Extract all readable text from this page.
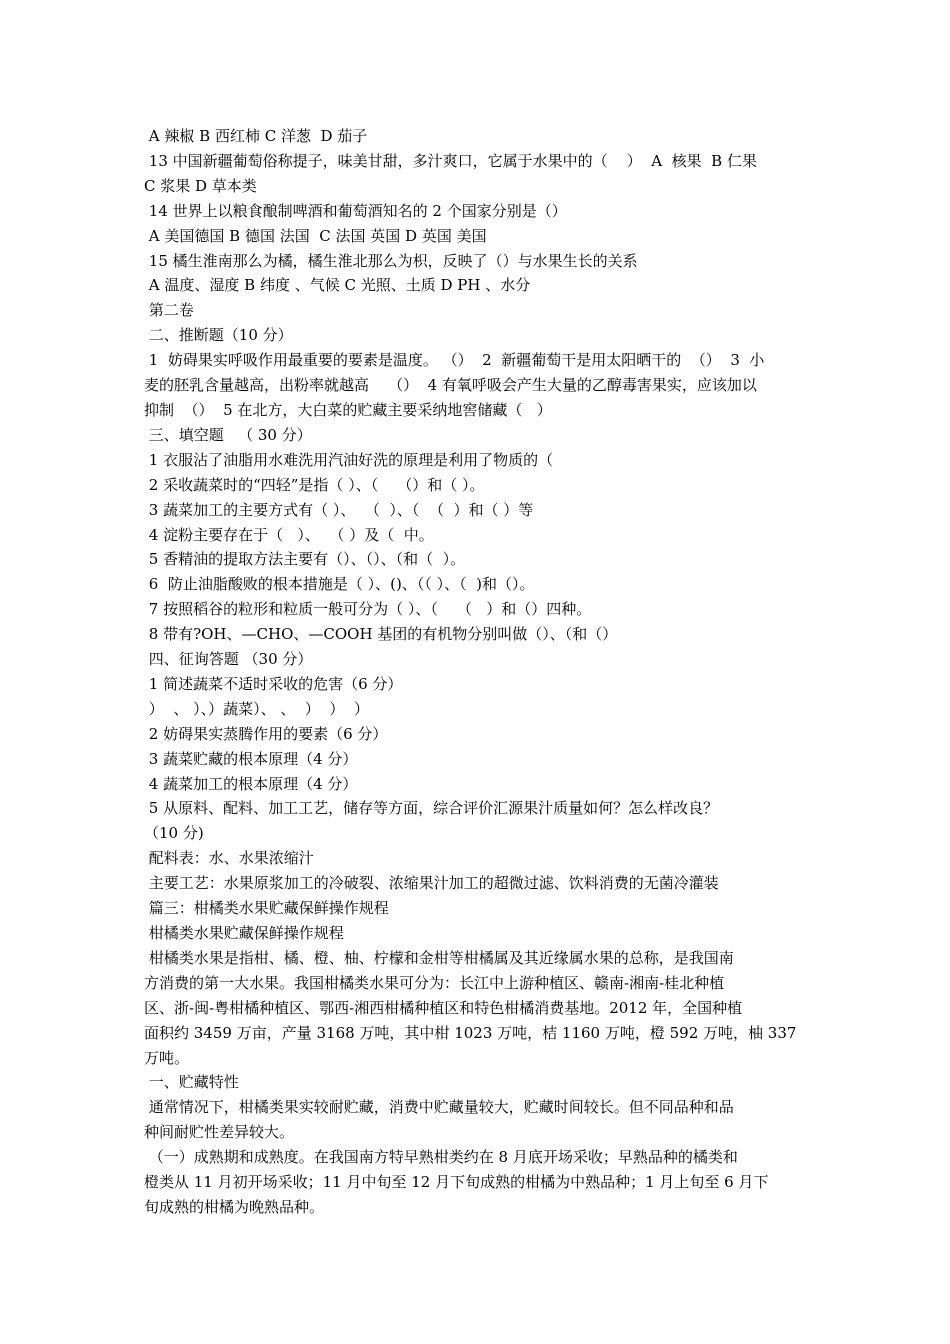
A 辣椒 B 西红柿 C 洋葱  D 茄子
13 中国新疆葡萄俗称提子，味美甘甜，多汁爽口，它属于水果中的（    ）  A  核果  B 仁果
C 浆果 D 草本类
14 世界上以粮食酿制啤酒和葡萄酒知名的 2 个国家分别是（）
A 美国德国 B 德国 法国  C 法国 英国 D 英国 美国
15 橘生淮南那么为橘，橘生淮北那么为枳，反映了（）与水果生长的关系
A 温度、湿度 B 纬度 、气候 C 光照、土质 D PH 、水分
第二卷
二、推断题（10 分）
1  妨碍果实呼吸作用最重要的要素是温度。 （）  2  新疆葡萄干是用太阳晒干的  （）  3  小
麦的胚乳含量越高，出粉率就越高    （）  4 有氧呼吸会产生大量的乙醇毒害果实，应该加以
抑制  （）  5 在北方，大白菜的贮藏主要采纳地窖储藏（   ）
三、填空题   （ 30 分）
1 衣服沾了油脂用水难洗用汽油好洗的原理是利用了物质的（
2 采收蔬菜时的“四轻”是指（ ）、（    （）和（ ）。
3 蔬菜加工的主要方式有（ ）、  （  ）、（  （  ）和（ ）等
4 淀粉主要存在于（   ）、  （ ）及（  中。
5 香精油的提取方法主要有（）、（）、（和（  ）。
6  防止油脂酸败的根本措施是（ ）、()、（（ ）、（  )和（）。
7 按照稻谷的粒形和粒质一般可分为（ ）、（    （   ）和（）四种。
8 带有?OH、—CHO、—COOH 基团的有机物分别叫做（）、（和（）
四、征询答题 （30 分）
1 简述蔬菜不适时采收的危害（6 分）
）  、 ）、）蔬菜）、 、  ）  ）  ）
2 妨碍果实蒸腾作用的要素（6 分）
3 蔬菜贮藏的根本原理（4 分）
4 蔬菜加工的根本原理（4 分）
5 从原料、配料、加工工艺，储存等方面，综合评价汇源果汁质量如何？怎么样改良？
（10 分)
配料表：水、水果浓缩汁
主要工艺：水果原浆加工的冷破裂、浓缩果汁加工的超微过滤、饮料消费的无菌冷灌装
篇三：柑橘类水果贮藏保鲜操作规程
柑橘类水果贮藏保鲜操作规程
柑橘类水果是指柑、橘、橙、柚、柠檬和金柑等柑橘属及其近缘属水果的总称，是我国南
方消费的第一大水果。我国柑橘类水果可分为：长江中上游种植区、赣南-湘南-桂北种植
区、浙-闽-粤柑橘种植区、鄂西-湘西柑橘种植区和特色柑橘消费基地。2012 年，全国种植
面积约 3459 万亩，产量 3168 万吨，其中柑 1023 万吨，桔 1160 万吨，橙 592 万吨，柚 337
万吨。
一、贮藏特性
通常情况下，柑橘类果实较耐贮藏，消费中贮藏量较大，贮藏时间较长。但不同品种和品
种间耐贮性差异较大。
（一）成熟期和成熟度。在我国南方特早熟柑类约在 8 月底开场采收；早熟品种的橘类和
橙类从 11 月初开场采收；11 月中旬至 12 月下旬成熟的柑橘为中熟品种；1 月上旬至 6 月下
旬成熟的柑橘为晚熟品种。
